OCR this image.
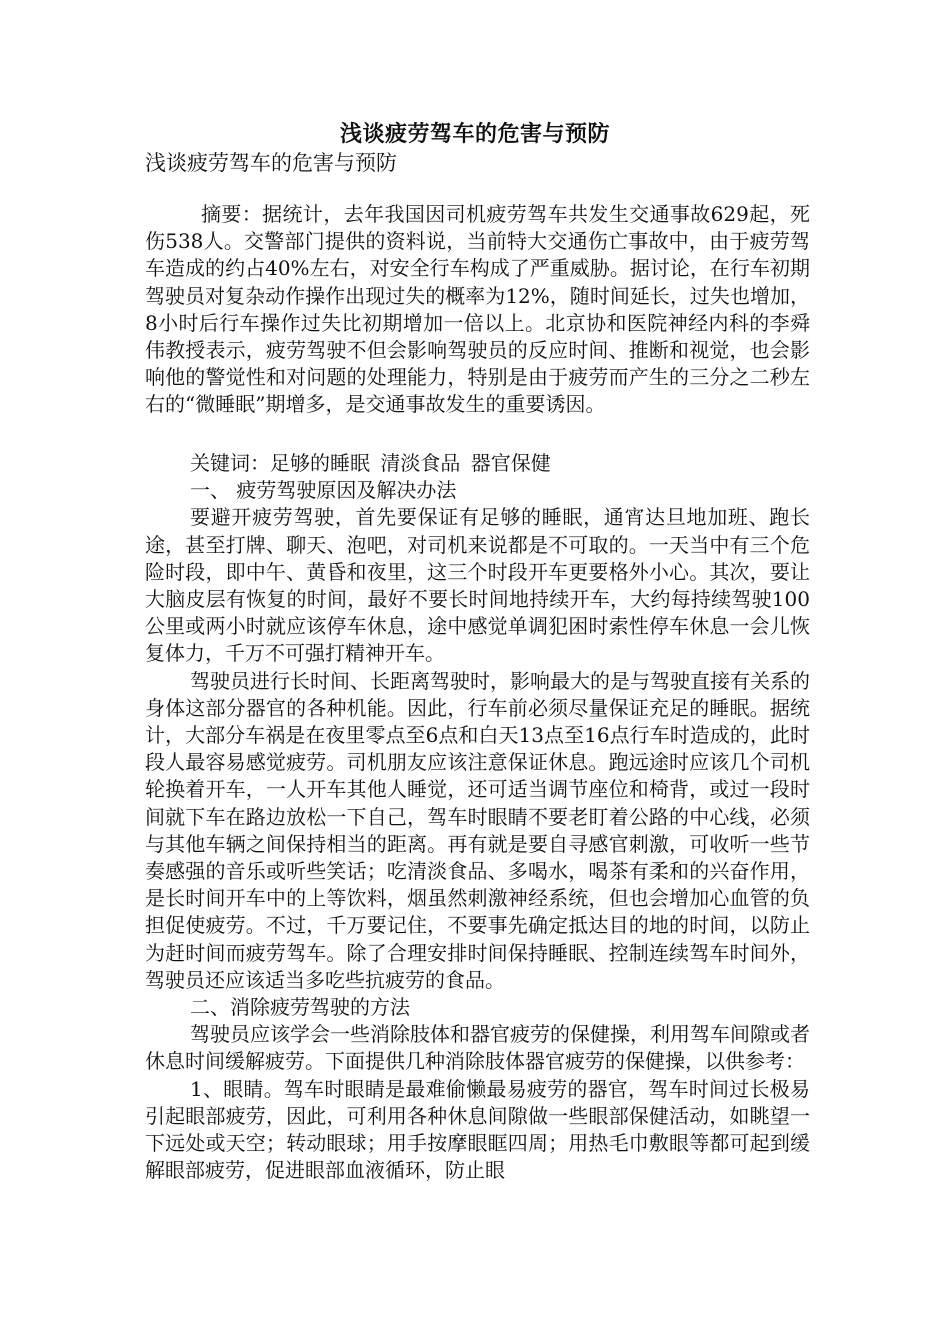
浅谈疲劳驾车的危害与预防
浅谈疲劳驾车的危害与预防

摘要：据统计，去年我国因司机疲劳驾车共发生交通事故629起，死伤538人。交警部门提供的资料说，当前特大交通伤亡事故中，由于疲劳驾车造成的约占40%左右，对安全行车构成了严重威胁。据讨论，在行车初期驾驶员对复杂动作操作出现过失的概率为12%，随时间延长，过失也增加，8小时后行车操作过失比初期增加一倍以上。北京协和医院神经内科的李舜伟教授表示，疲劳驾驶不但会影响驾驶员的反应时间、推断和视觉，也会影响他的警觉性和对问题的处理能力，特别是由于疲劳而产生的三分之二秒左右的“微睡眠”期增多，是交通事故发生的重要诱因。

关键词：足够的睡眠 清淡食品 器官保健

一、 疲劳驾驶原因及解决办法

要避开疲劳驾驶，首先要保证有足够的睡眠，通宵达旦地加班、跑长途，甚至打牌、聊天、泡吧，对司机来说都是不可取的。一天当中有三个危险时段，即中午、黄昏和夜里，这三个时段开车更要格外小心。其次，要让大脑皮层有恢复的时间，最好不要长时间地持续开车，大约每持续驾驶100公里或两小时就应该停车休息，途中感觉单调犯困时索性停车休息一会儿恢复体力，千万不可强打精神开车。

驾驶员进行长时间、长距离驾驶时，影响最大的是与驾驶直接有关系的身体这部分器官的各种机能。因此，行车前必须尽量保证充足的睡眠。据统计，大部分车祸是在夜里零点至6点和白天13点至16点行车时造成的，此时段人最容易感觉疲劳。司机朋友应该注意保证休息。跑远途时应该几个司机轮换着开车，一人开车其他人睡觉，还可适当调节座位和椅背，或过一段时间就下车在路边放松一下自己，驾车时眼睛不要老盯着公路的中心线，必须与其他车辆之间保持相当的距离。再有就是要自寻感官刺激，可收听一些节奏感强的音乐或听些笑话；吃清淡食品、多喝水，喝茶有柔和的兴奋作用，是长时间开车中的上等饮料，烟虽然刺激神经系统，但也会增加心血管的负担促使疲劳。不过，千万要记住，不要事先确定抵达目的地的时间，以防止为赶时间而疲劳驾车。除了合理安排时间保持睡眠、控制连续驾车时间外，驾驶员还应该适当多吃些抗疲劳的食品。

二、消除疲劳驾驶的方法

驾驶员应该学会一些消除肢体和器官疲劳的保健操，利用驾车间隙或者休息时间缓解疲劳。下面提供几种消除肢体器官疲劳的保健操，以供参考：

1、眼睛。驾车时眼睛是最难偷懒最易疲劳的器官，驾车时间过长极易引起眼部疲劳，因此，可利用各种休息间隙做一些眼部保健活动，如眺望一下远处或天空；转动眼球；用手按摩眼眶四周；用热毛巾敷眼等都可起到缓解眼部疲劳，促进眼部血液循环，防止眼
